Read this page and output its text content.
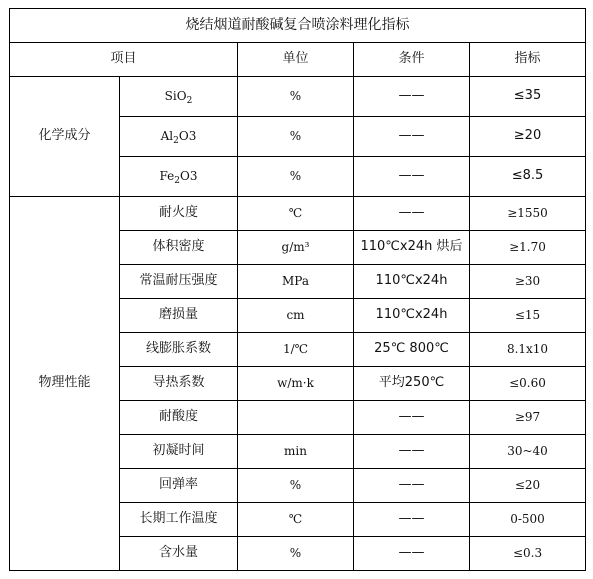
烧结烟道耐酸碱复合喷涂料理化指标				
项目		单位	条件	指标
化学成分	SiO$_2$	%	——	≤35
	$Al_2O3$	%	——	≥20
	$Fe_2O3$	%	——	≤8.5
物理性能	耐火度	℃	——	≥1550
	体积密度	g/m³	110℃x24h 烘后	≥1.70
	常温耐压强度	MPa	110℃x24h	≥30
	磨损量	cm	110℃x24h	≤15
	线膨胀系数	1/℃	25℃ 800℃	8.1x10
	导热系数	w/m·k	平均250℃	≤0.60
	耐酸度		——	≥97
	初凝时间	min	——	30~40
	回弹率	%	——	≤20
	长期工作温度	℃	——	0-500
	含水量	%	——	≤0.3
